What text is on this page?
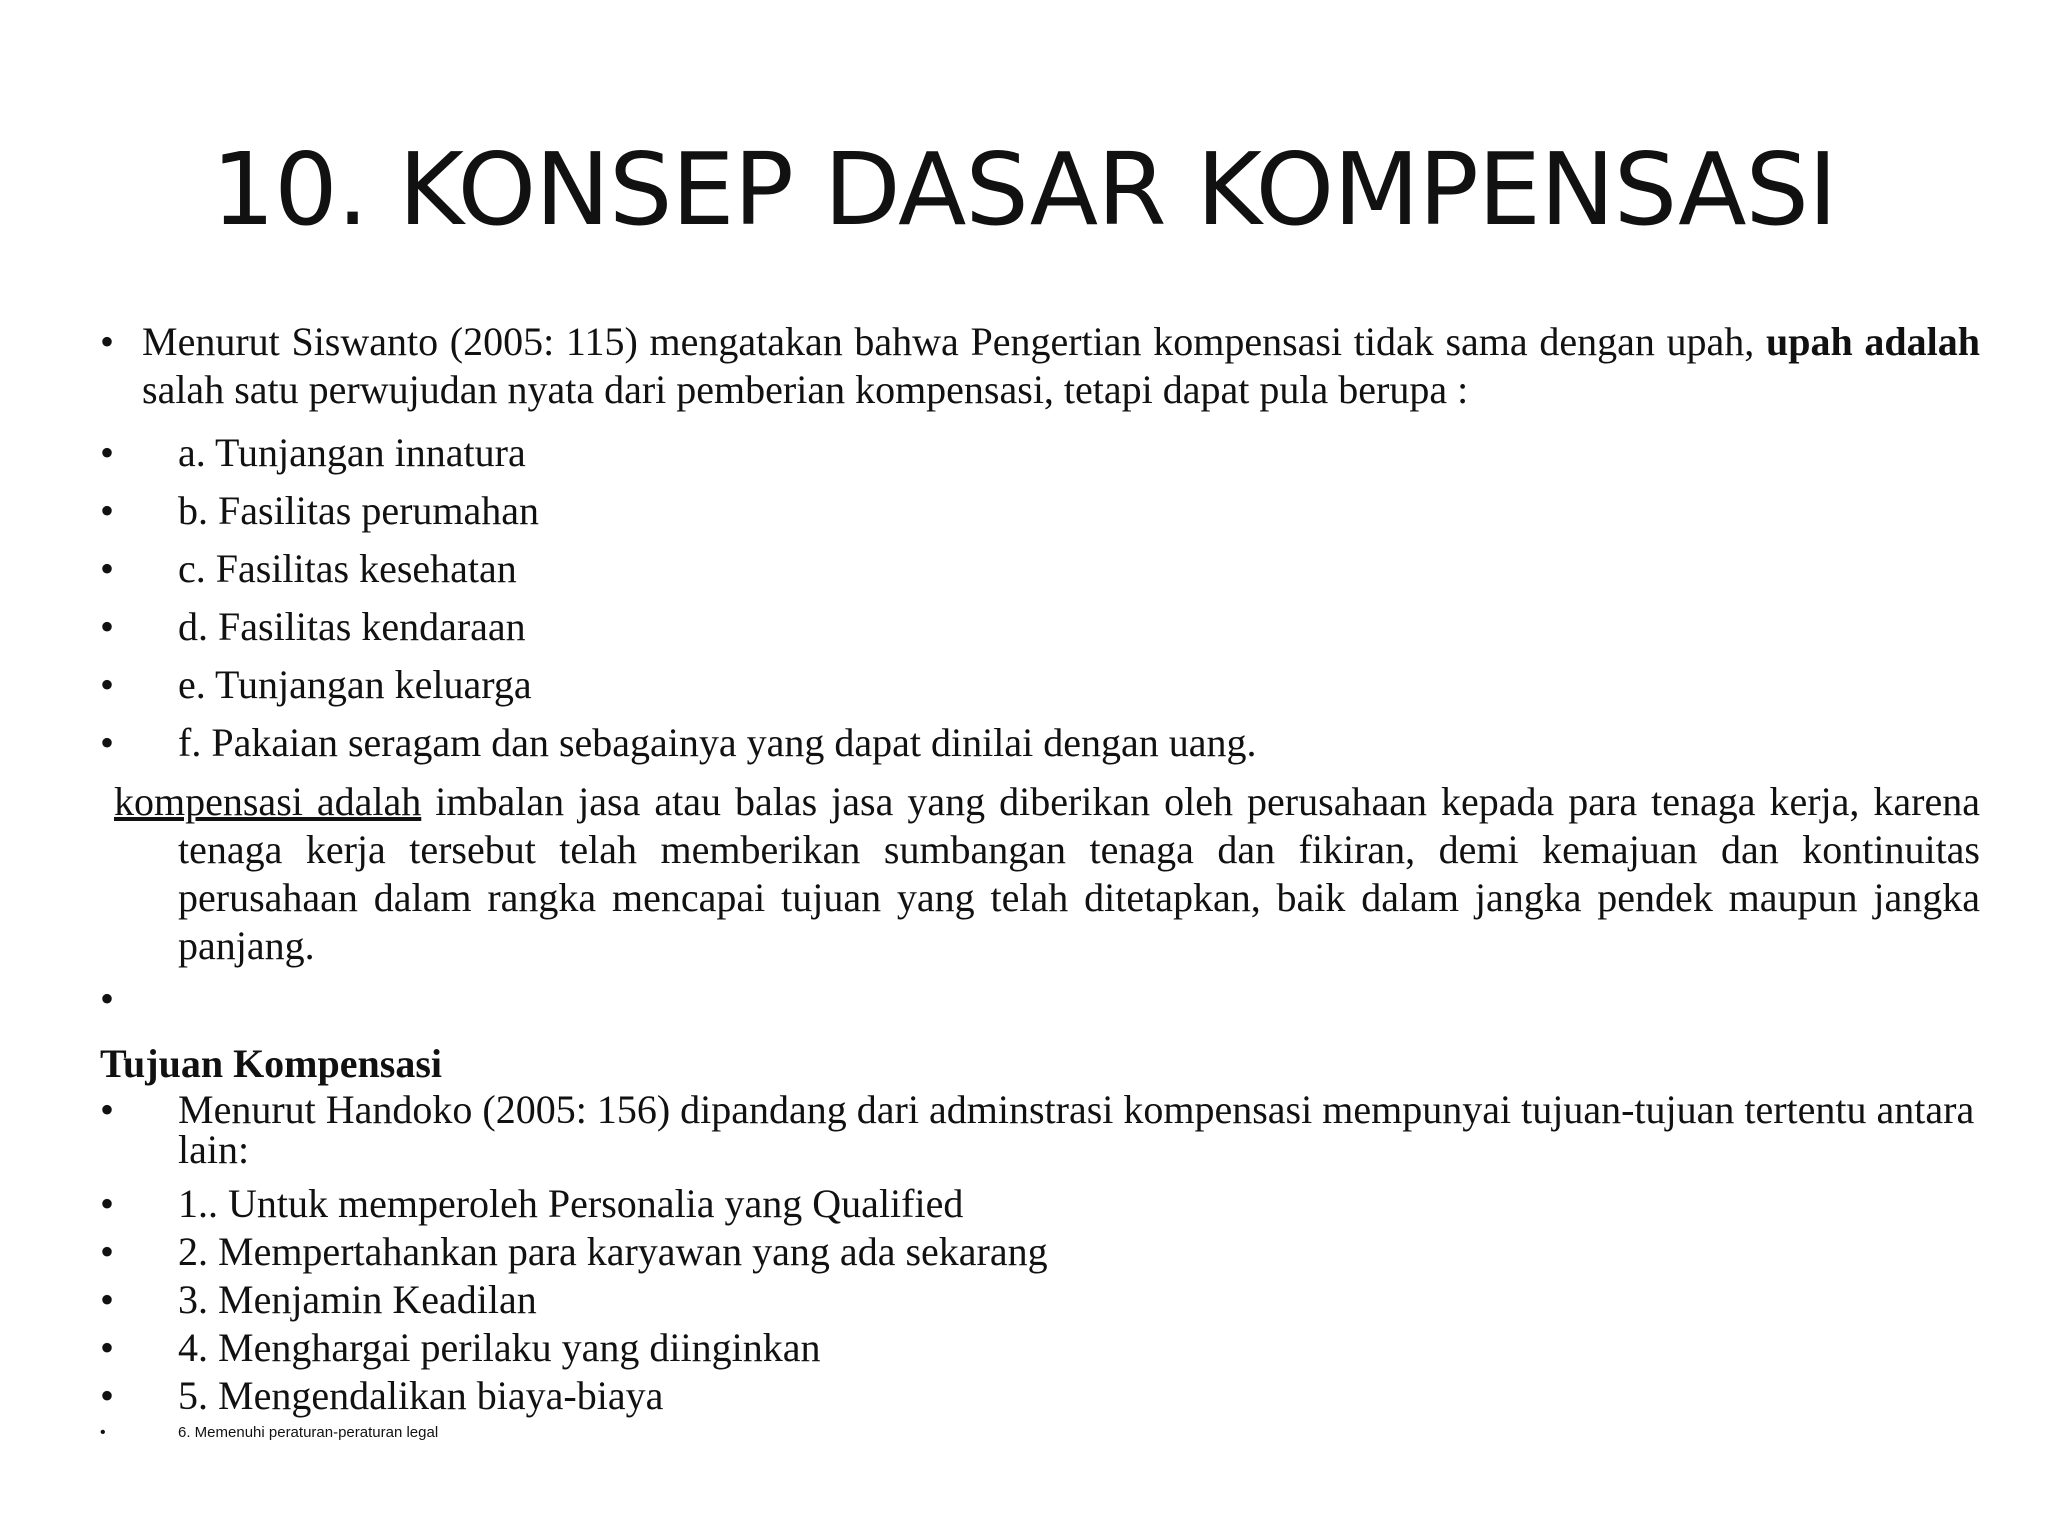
10. KONSEP DASAR KOMPENSASI
• Menurut Siswanto (2005: 115) mengatakan bahwa Pengertian kompensasi tidak sama dengan upah, upah adalah salah satu perwujudan nyata dari pemberian kompensasi, tetapi dapat pula berupa :
• a. Tunjangan innatura
• b. Fasilitas perumahan
• c. Fasilitas kesehatan
• d. Fasilitas kendaraan
• e. Tunjangan keluarga
• f. Pakaian seragam dan sebagainya yang dapat dinilai dengan uang.
kompensasi adalah imbalan jasa atau balas jasa yang diberikan oleh perusahaan kepada para tenaga kerja, karena tenaga kerja tersebut telah memberikan sumbangan tenaga dan fikiran, demi kemajuan dan kontinuitas perusahaan dalam rangka mencapai tujuan yang telah ditetapkan, baik dalam jangka pendek maupun jangka panjang.
•
Tujuan Kompensasi
• Menurut Handoko (2005: 156) dipandang dari adminstrasi kompensasi mempunyai tujuan-tujuan tertentu antara lain:
• 1.. Untuk memperoleh Personalia yang Qualified
• 2. Mempertahankan para karyawan yang ada sekarang
• 3. Menjamin Keadilan
• 4. Menghargai perilaku yang diinginkan
• 5. Mengendalikan biaya-biaya
•	6. Memenuhi peraturan-peraturan legal
